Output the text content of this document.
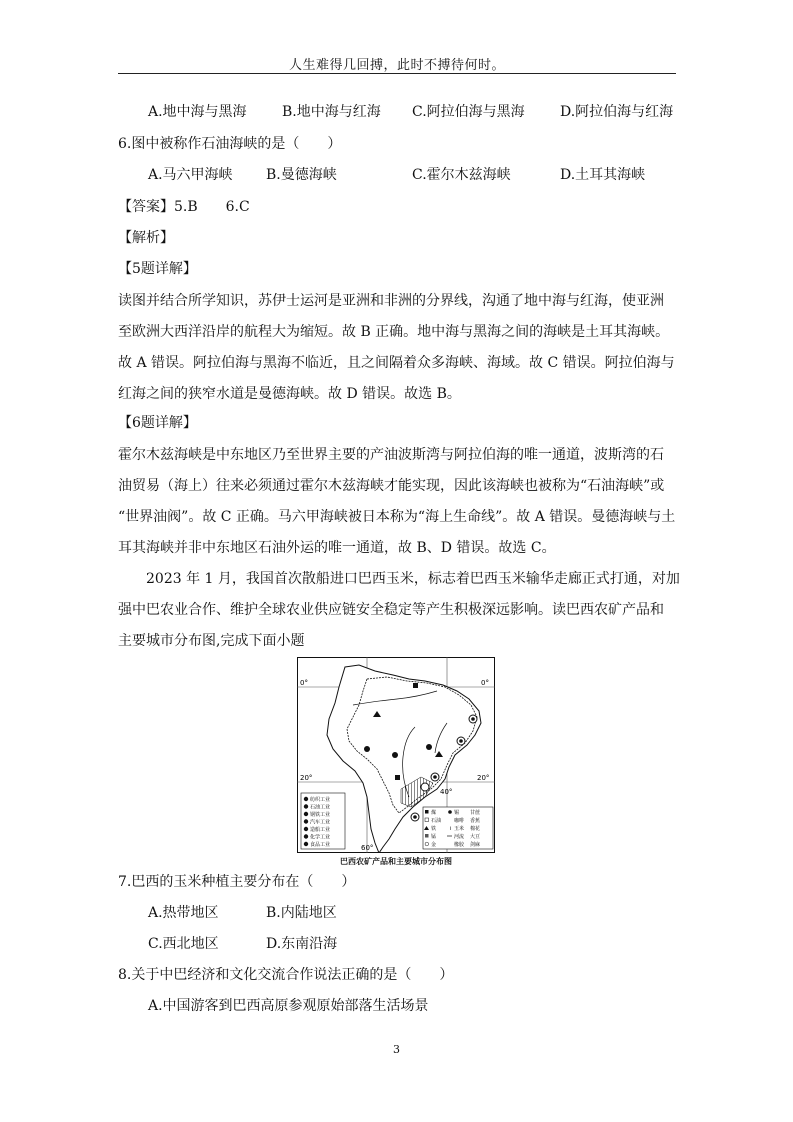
人生难得几回搏，此时不搏待何时。
A.地中海与黑海	B.地中海与红海 C.阿拉伯海与黑海	D.阿拉伯海与红海
6.图中被称作石油海峡的是（　　）
A.马六甲海峡 B.曼德海峡	C.霍尔木兹海峡	D.土耳其海峡
【答案】5.B　　6.C
【解析】
【5题详解】
读图并结合所学知识，苏伊士运河是亚洲和非洲的分界线，沟通了地中海与红海，使亚洲
至欧洲大西洋沿岸的航程大为缩短。故 B 正确。地中海与黑海之间的海峡是土耳其海峡。
故 A 错误。阿拉伯海与黑海不临近，且之间隔着众多海峡、海域。故 C 错误。阿拉伯海与
红海之间的狭窄水道是曼德海峡。故 D 错误。故选 B。
【6题详解】
霍尔木兹海峡是中东地区乃至世界主要的产油波斯湾与阿拉伯海的唯一通道，波斯湾的石
油贸易（海上）往来必须通过霍尔木兹海峡才能实现，因此该海峡也被称为“石油海峡”或
“世界油阀”。故 C 正确。马六甲海峡被日本称为“海上生命线”。故 A 错误。曼德海峡与土
耳其海峡并非中东地区石油外运的唯一通道，故 B、D 错误。故选 C。
2023 年 1 月，我国首次散船进口巴西玉米，标志着巴西玉米输华走廊正式打通，对加
强中巴农业合作、维护全球农业供应链安全稳定等产生积极深远影响。读巴西农矿产品和
主要城市分布图,完成下面小题
0°	0°
20°	20°
40°
60°
纺织工业
石油工业
钢铁工业
汽车工业
造船工业
化学工业
食品工业
煤	锡 甘蔗
石油	咖啡 香蕉
铁	玉米 棉花
锰	河流 大豆
金	橡胶 剑麻
巴西农矿产品和主要城市分布图
7.巴西的玉米种植主要分布在（　　）
A.热带地区	B.内陆地区
C.西北地区	D.东南沿海
8.关于中巴经济和文化交流合作说法正确的是（　　）
A.中国游客到巴西高原参观原始部落生活场景
3
